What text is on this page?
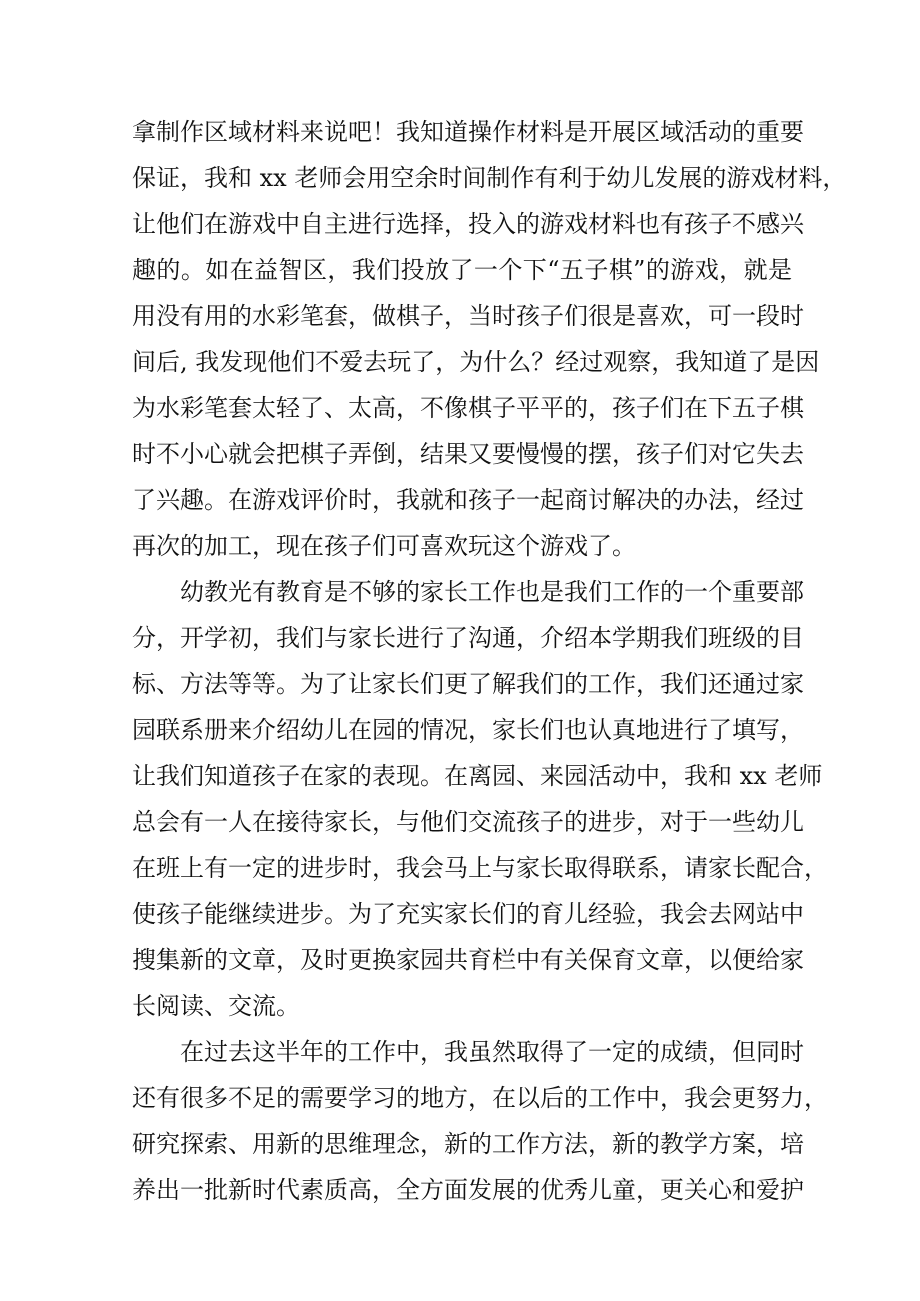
拿制作区域材料来说吧！我知道操作材料是开展区域活动的重要
保证，我和 xx 老师会用空余时间制作有利于幼儿发展的游戏材料，
让他们在游戏中自主进行选择，投入的游戏材料也有孩子不感兴
趣的。如在益智区，我们投放了一个下“五子棋”的游戏，就是
用没有用的水彩笔套，做棋子，当时孩子们很是喜欢，可一段时
间后, 我发现他们不爱去玩了，为什么？经过观察，我知道了是因
为水彩笔套太轻了、太高，不像棋子平平的，孩子们在下五子棋
时不小心就会把棋子弄倒，结果又要慢慢的摆，孩子们对它失去
了兴趣。在游戏评价时，我就和孩子一起商讨解决的办法，经过
再次的加工，现在孩子们可喜欢玩这个游戏了。
幼教光有教育是不够的家长工作也是我们工作的一个重要部
分，开学初，我们与家长进行了沟通，介绍本学期我们班级的目
标、方法等等。为了让家长们更了解我们的工作，我们还通过家
园联系册来介绍幼儿在园的情况，家长们也认真地进行了填写，
让我们知道孩子在家的表现。在离园、来园活动中，我和 xx 老师
总会有一人在接待家长，与他们交流孩子的进步，对于一些幼儿
在班上有一定的进步时，我会马上与家长取得联系，请家长配合，
使孩子能继续进步。为了充实家长们的育儿经验，我会去网站中
搜集新的文章，及时更换家园共育栏中有关保育文章，以便给家
长阅读、交流。
在过去这半年的工作中，我虽然取得了一定的成绩，但同时
还有很多不足的需要学习的地方，在以后的工作中，我会更努力，
研究探索、用新的思维理念，新的工作方法，新的教学方案，培
养出一批新时代素质高，全方面发展的优秀儿童，更关心和爱护
